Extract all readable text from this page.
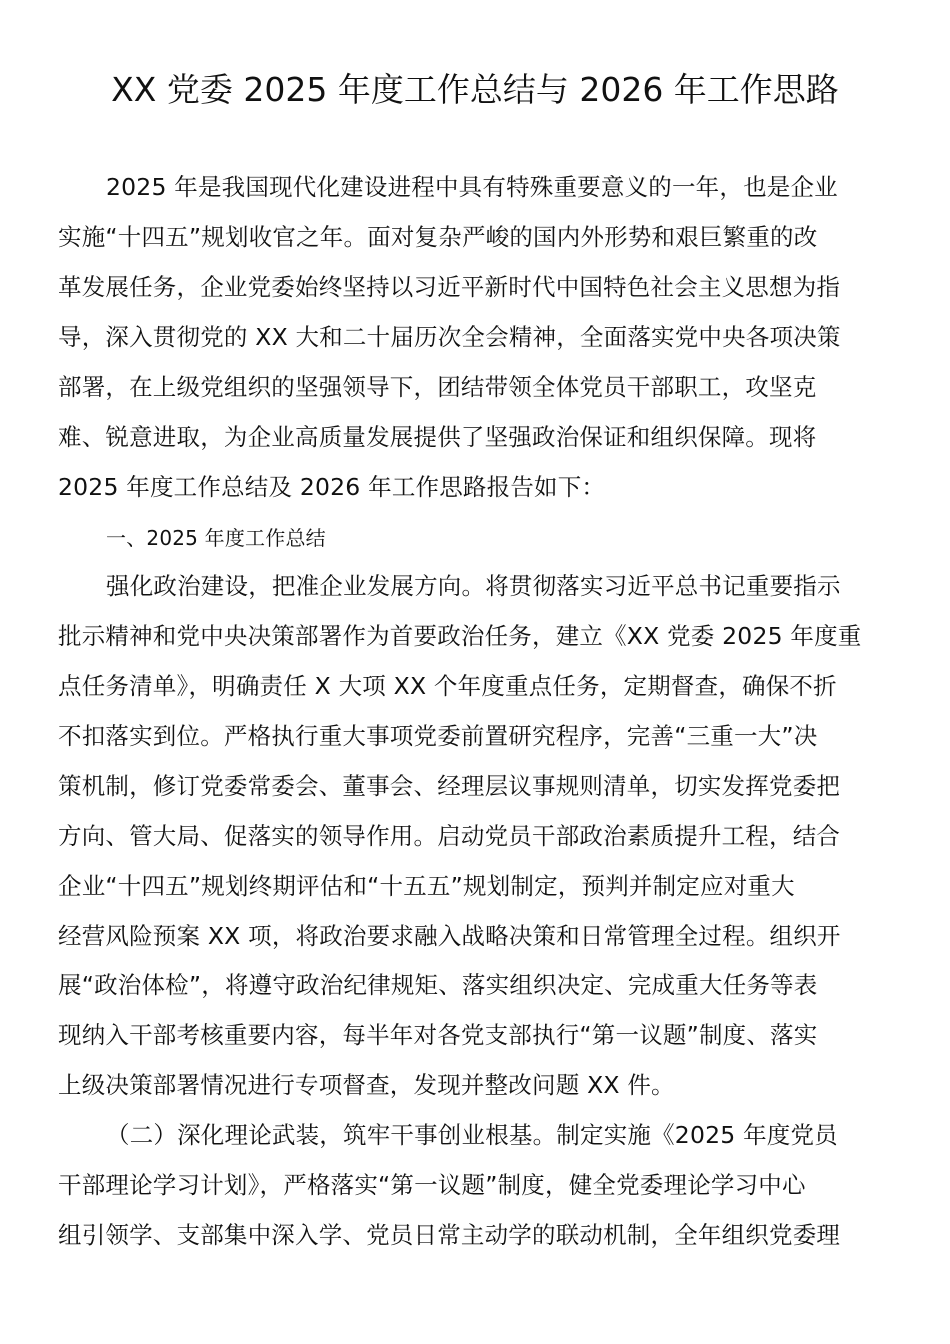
XX 党委 2025 年度工作总结与 2026 年工作思路
2025 年是我国现代化建设进程中具有特殊重要意义的一年，也是企业
实施“十四五”规划收官之年。面对复杂严峻的国内外形势和艰巨繁重的改
革发展任务，企业党委始终坚持以习近平新时代中国特色社会主义思想为指
导，深入贯彻党的 XX 大和二十届历次全会精神，全面落实党中央各项决策
部署，在上级党组织的坚强领导下，团结带领全体党员干部职工，攻坚克
难、锐意进取，为企业高质量发展提供了坚强政治保证和组织保障。现将
2025 年度工作总结及 2026 年工作思路报告如下：
一、2025 年度工作总结
强化政治建设，把准企业发展方向。将贯彻落实习近平总书记重要指示
批示精神和党中央决策部署作为首要政治任务，建立《XX 党委 2025 年度重
点任务清单》，明确责任 X 大项 XX 个年度重点任务，定期督查，确保不折
不扣落实到位。严格执行重大事项党委前置研究程序，完善“三重一大”决
策机制，修订党委常委会、董事会、经理层议事规则清单，切实发挥党委把
方向、管大局、促落实的领导作用。启动党员干部政治素质提升工程，结合
企业“十四五”规划终期评估和“十五五”规划制定，预判并制定应对重大
经营风险预案 XX 项，将政治要求融入战略决策和日常管理全过程。组织开
展“政治体检”，将遵守政治纪律规矩、落实组织决定、完成重大任务等表
现纳入干部考核重要内容，每半年对各党支部执行“第一议题”制度、落实
上级决策部署情况进行专项督查，发现并整改问题 XX 件。
（二）深化理论武装，筑牢干事创业根基。制定实施《2025 年度党员
干部理论学习计划》，严格落实“第一议题”制度，健全党委理论学习中心
组引领学、支部集中深入学、党员日常主动学的联动机制，全年组织党委理
